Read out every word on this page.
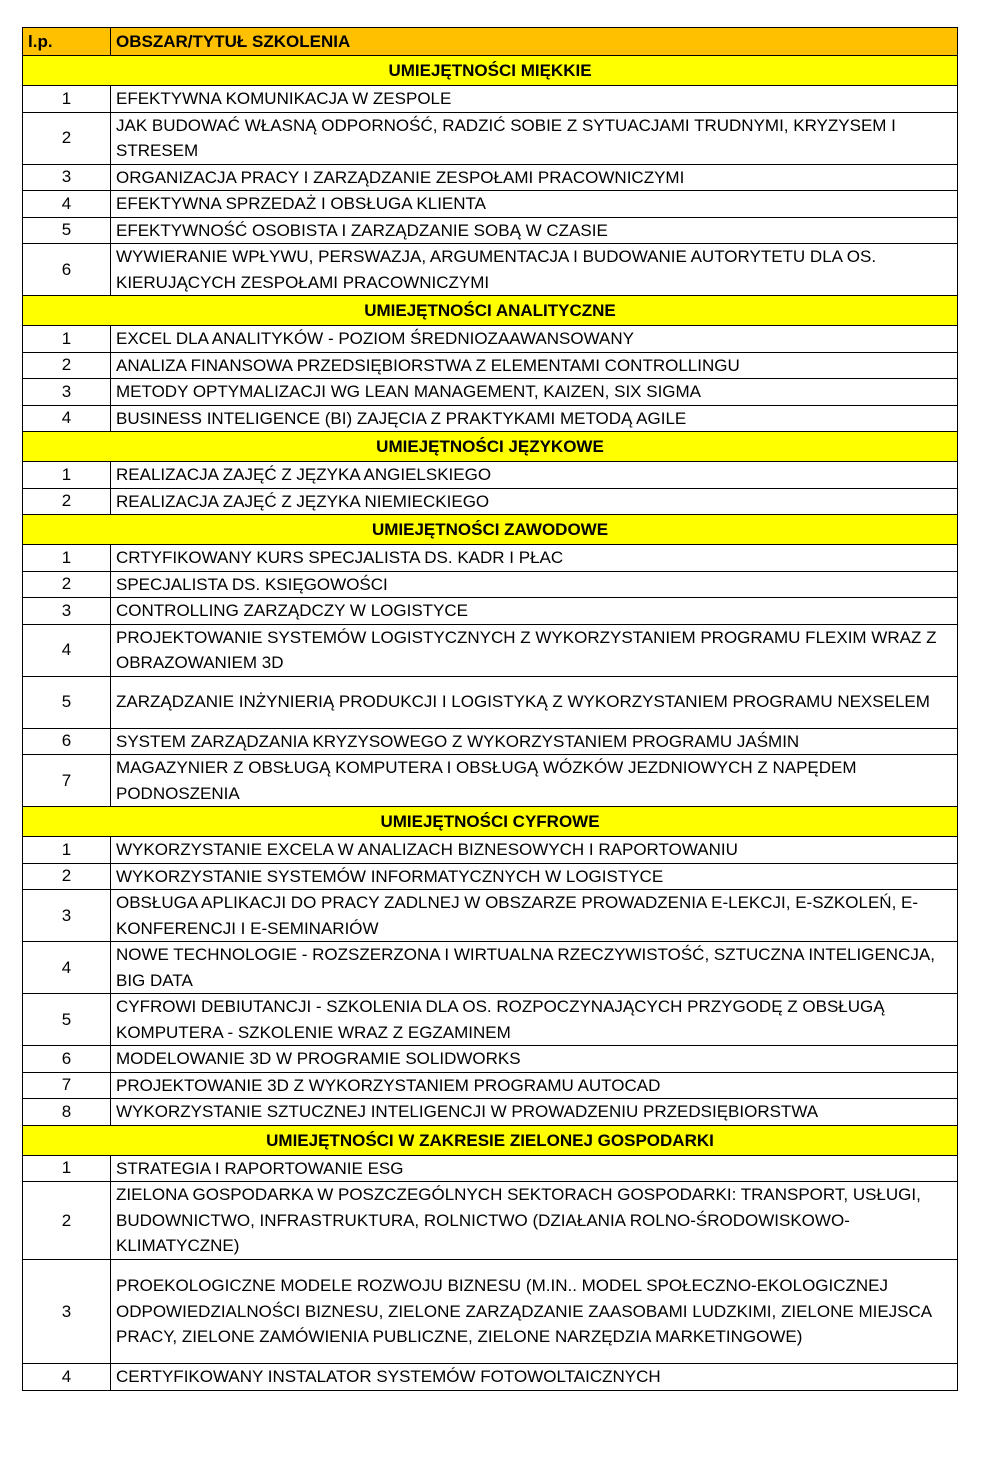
l.p.	OBSZAR/TYTUŁ SZKOLENIA
UMIEJĘTNOŚCI MIĘKKIE	
1	EFEKTYWNA KOMUNIKACJA W ZESPOLE
2	JAK BUDOWAĆ WŁASNĄ ODPORNOŚĆ, RADZIĆ SOBIE Z SYTUACJAMI TRUDNYMI, KRYZYSEM I STRESEM
3	ORGANIZACJA PRACY I ZARZĄDZANIE ZESPOŁAMI PRACOWNICZYMI
4	EFEKTYWNA SPRZEDAŻ I OBSŁUGA KLIENTA
5	EFEKTYWNOŚĆ OSOBISTA I ZARZĄDZANIE SOBĄ W CZASIE
6	WYWIERANIE WPŁYWU, PERSWAZJA, ARGUMENTACJA I BUDOWANIE AUTORYTETU DLA OS. KIERUJĄCYCH ZESPOŁAMI PRACOWNICZYMI
UMIEJĘTNOŚCI ANALITYCZNE	
1	EXCEL DLA ANALITYKÓW - POZIOM ŚREDNIOZAAWANSOWANY
2	ANALIZA FINANSOWA PRZEDSIĘBIORSTWA Z ELEMENTAMI CONTROLLINGU
3	METODY OPTYMALIZACJI WG LEAN MANAGEMENT, KAIZEN, SIX SIGMA
4	BUSINESS INTELIGENCE (BI) ZAJĘCIA Z PRAKTYKAMI METODĄ AGILE
UMIEJĘTNOŚCI JĘZYKOWE	
1	REALIZACJA ZAJĘĆ Z JĘZYKA ANGIELSKIEGO
2	REALIZACJA ZAJĘĆ Z JĘZYKA NIEMIECKIEGO
UMIEJĘTNOŚCI ZAWODOWE	
1	CRTYFIKOWANY KURS SPECJALISTA DS. KADR I PŁAC
2	SPECJALISTA DS. KSIĘGOWOŚCI
3	CONTROLLING ZARZĄDCZY W LOGISTYCE
4	PROJEKTOWANIE SYSTEMÓW LOGISTYCZNYCH Z WYKORZYSTANIEM PROGRAMU FLEXIM WRAZ Z OBRAZOWANIEM 3D
5	ZARZĄDZANIE INŻYNIERIĄ PRODUKCJI I LOGISTYKĄ Z WYKORZYSTANIEM PROGRAMU NEXSELEM
6	SYSTEM ZARZĄDZANIA KRYZYSOWEGO Z WYKORZYSTANIEM PROGRAMU JAŚMIN
7	MAGAZYNIER Z OBSŁUGĄ KOMPUTERA I OBSŁUGĄ WÓZKÓW JEZDNIOWYCH Z NAPĘDEM PODNOSZENIA
UMIEJĘTNOŚCI CYFROWE	
1	WYKORZYSTANIE EXCELA W ANALIZACH BIZNESOWYCH I RAPORTOWANIU
2	WYKORZYSTANIE SYSTEMÓW INFORMATYCZNYCH W LOGISTYCE
3	OBSŁUGA APLIKACJI DO PRACY ZADLNEJ W OBSZARZE PROWADZENIA E-LEKCJI, E-SZKOLEŃ, E-KONFERENCJI I E-SEMINARIÓW
4	NOWE TECHNOLOGIE - ROZSZERZONA I WIRTUALNA RZECZYWISTOŚĆ, SZTUCZNA INTELIGENCJA, BIG DATA
5	CYFROWI DEBIUTANCJI - SZKOLENIA DLA OS. ROZPOCZYNAJĄCYCH PRZYGODĘ Z OBSŁUGĄ KOMPUTERA - SZKOLENIE WRAZ Z EGZAMINEM
6	MODELOWANIE 3D W PROGRAMIE SOLIDWORKS
7	PROJEKTOWANIE 3D Z WYKORZYSTANIEM PROGRAMU AUTOCAD
8	WYKORZYSTANIE SZTUCZNEJ INTELIGENCJI W PROWADZENIU PRZEDSIĘBIORSTWA
UMIEJĘTNOŚCI W ZAKRESIE ZIELONEJ GOSPODARKI	
1	STRATEGIA I RAPORTOWANIE ESG
2	ZIELONA GOSPODARKA W POSZCZEGÓLNYCH SEKTORACH GOSPODARKI: TRANSPORT, USŁUGI, BUDOWNICTWO, INFRASTRUKTURA, ROLNICTWO (DZIAŁANIA ROLNO-ŚRODOWISKOWO-KLIMATYCZNE)
3	PROEKOLOGICZNE MODELE ROZWOJU BIZNESU (M.IN.. MODEL SPOŁECZNO-EKOLOGICZNEJ ODPOWIEDZIALNOŚCI BIZNESU, ZIELONE ZARZĄDZANIE ZAASOBAMI LUDZKIMI, ZIELONE MIEJSCA PRACY, ZIELONE ZAMÓWIENIA PUBLICZNE, ZIELONE NARZĘDZIA MARKETINGOWE)
4	CERTYFIKOWANY INSTALATOR SYSTEMÓW FOTOWOLTAICZNYCH
